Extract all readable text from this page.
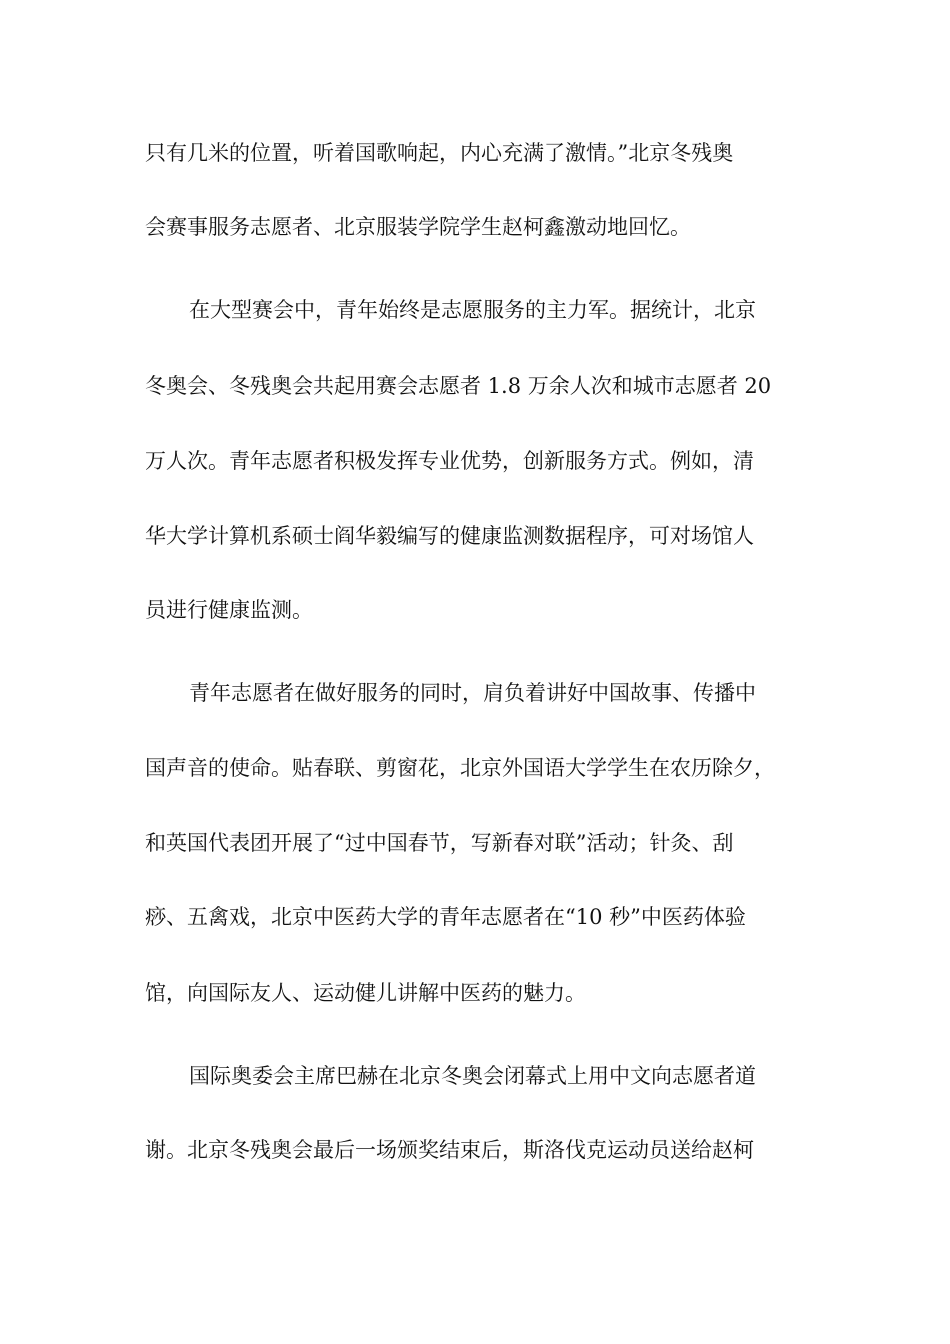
只有几米的位置，听着国歌响起，内心充满了激情。”北京冬残奥
会赛事服务志愿者、北京服装学院学生赵柯鑫激动地回忆。
在大型赛会中，青年始终是志愿服务的主力军。据统计，北京
冬奥会、冬残奥会共起用赛会志愿者 1.8 万余人次和城市志愿者 20
万人次。青年志愿者积极发挥专业优势，创新服务方式。例如，清
华大学计算机系硕士阎华毅编写的健康监测数据程序，可对场馆人
员进行健康监测。
青年志愿者在做好服务的同时，肩负着讲好中国故事、传播中
国声音的使命。贴春联、剪窗花，北京外国语大学学生在农历除夕，
和英国代表团开展了“过中国春节，写新春对联”活动；针灸、刮
痧、五禽戏，北京中医药大学的青年志愿者在“10 秒”中医药体验
馆，向国际友人、运动健儿讲解中医药的魅力。
国际奥委会主席巴赫在北京冬奥会闭幕式上用中文向志愿者道
谢。北京冬残奥会最后一场颁奖结束后，斯洛伐克运动员送给赵柯
